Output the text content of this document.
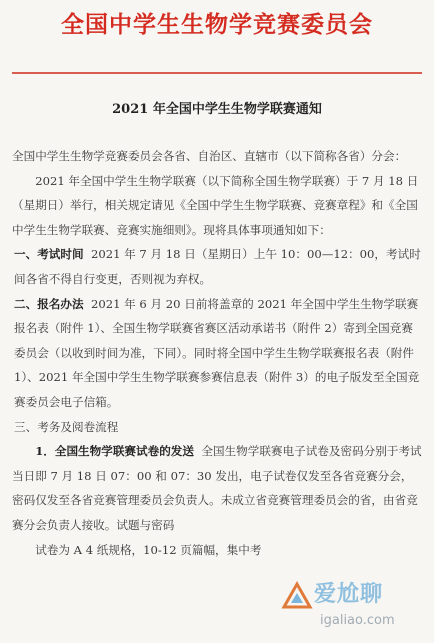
全国中学生生物学竞赛委员会
2021 年全国中学生生物学联赛通知

全国中学生生物学竞赛委员会各省、自治区、直辖市（以下简称各省）分会：

2021 年全国中学生生物学联赛（以下简称全国生物学联赛）于 7 月 18 日（星期日）举行，相关规定请见《全国中学生生物学联赛、竞赛章程》和《全国中学生生物学联赛、竞赛实施细则》。现将具体事项通知如下：

一、考试时间 2021 年 7 月 18 日（星期日）上午 10：00—12：00，考试时间各省不得自行变更，否则视为弃权。

二、报名办法 2021 年 6 月 20 日前将盖章的 2021 年全国中学生生物学联赛报名表（附件 1）、全国生物学联赛省赛区活动承诺书（附件 2）寄到全国竞赛委员会（以收到时间为准，下同）。同时将全国中学生生物学联赛报名表（附件 1）、2021 年全国中学生生物学联赛参赛信息表（附件 3）的电子版发至全国竞赛委员会电子信箱。

三、考务及阅卷流程

1．全国生物学联赛试卷的发送 全国生物学联赛电子试卷及密码分别于考试当日即 7 月 18 日 07：00 和 07：30 发出，电子试卷仅发至各省竞赛分会，密码仅发至各省竞赛管理委员会负责人。未成立省竞赛管理委员会的省，由省竞赛分会负责人接收。试题与密码

试卷为 A 4 纸规格，10-12 页篇幅，集中考

爱尬聊
igaliao.com
